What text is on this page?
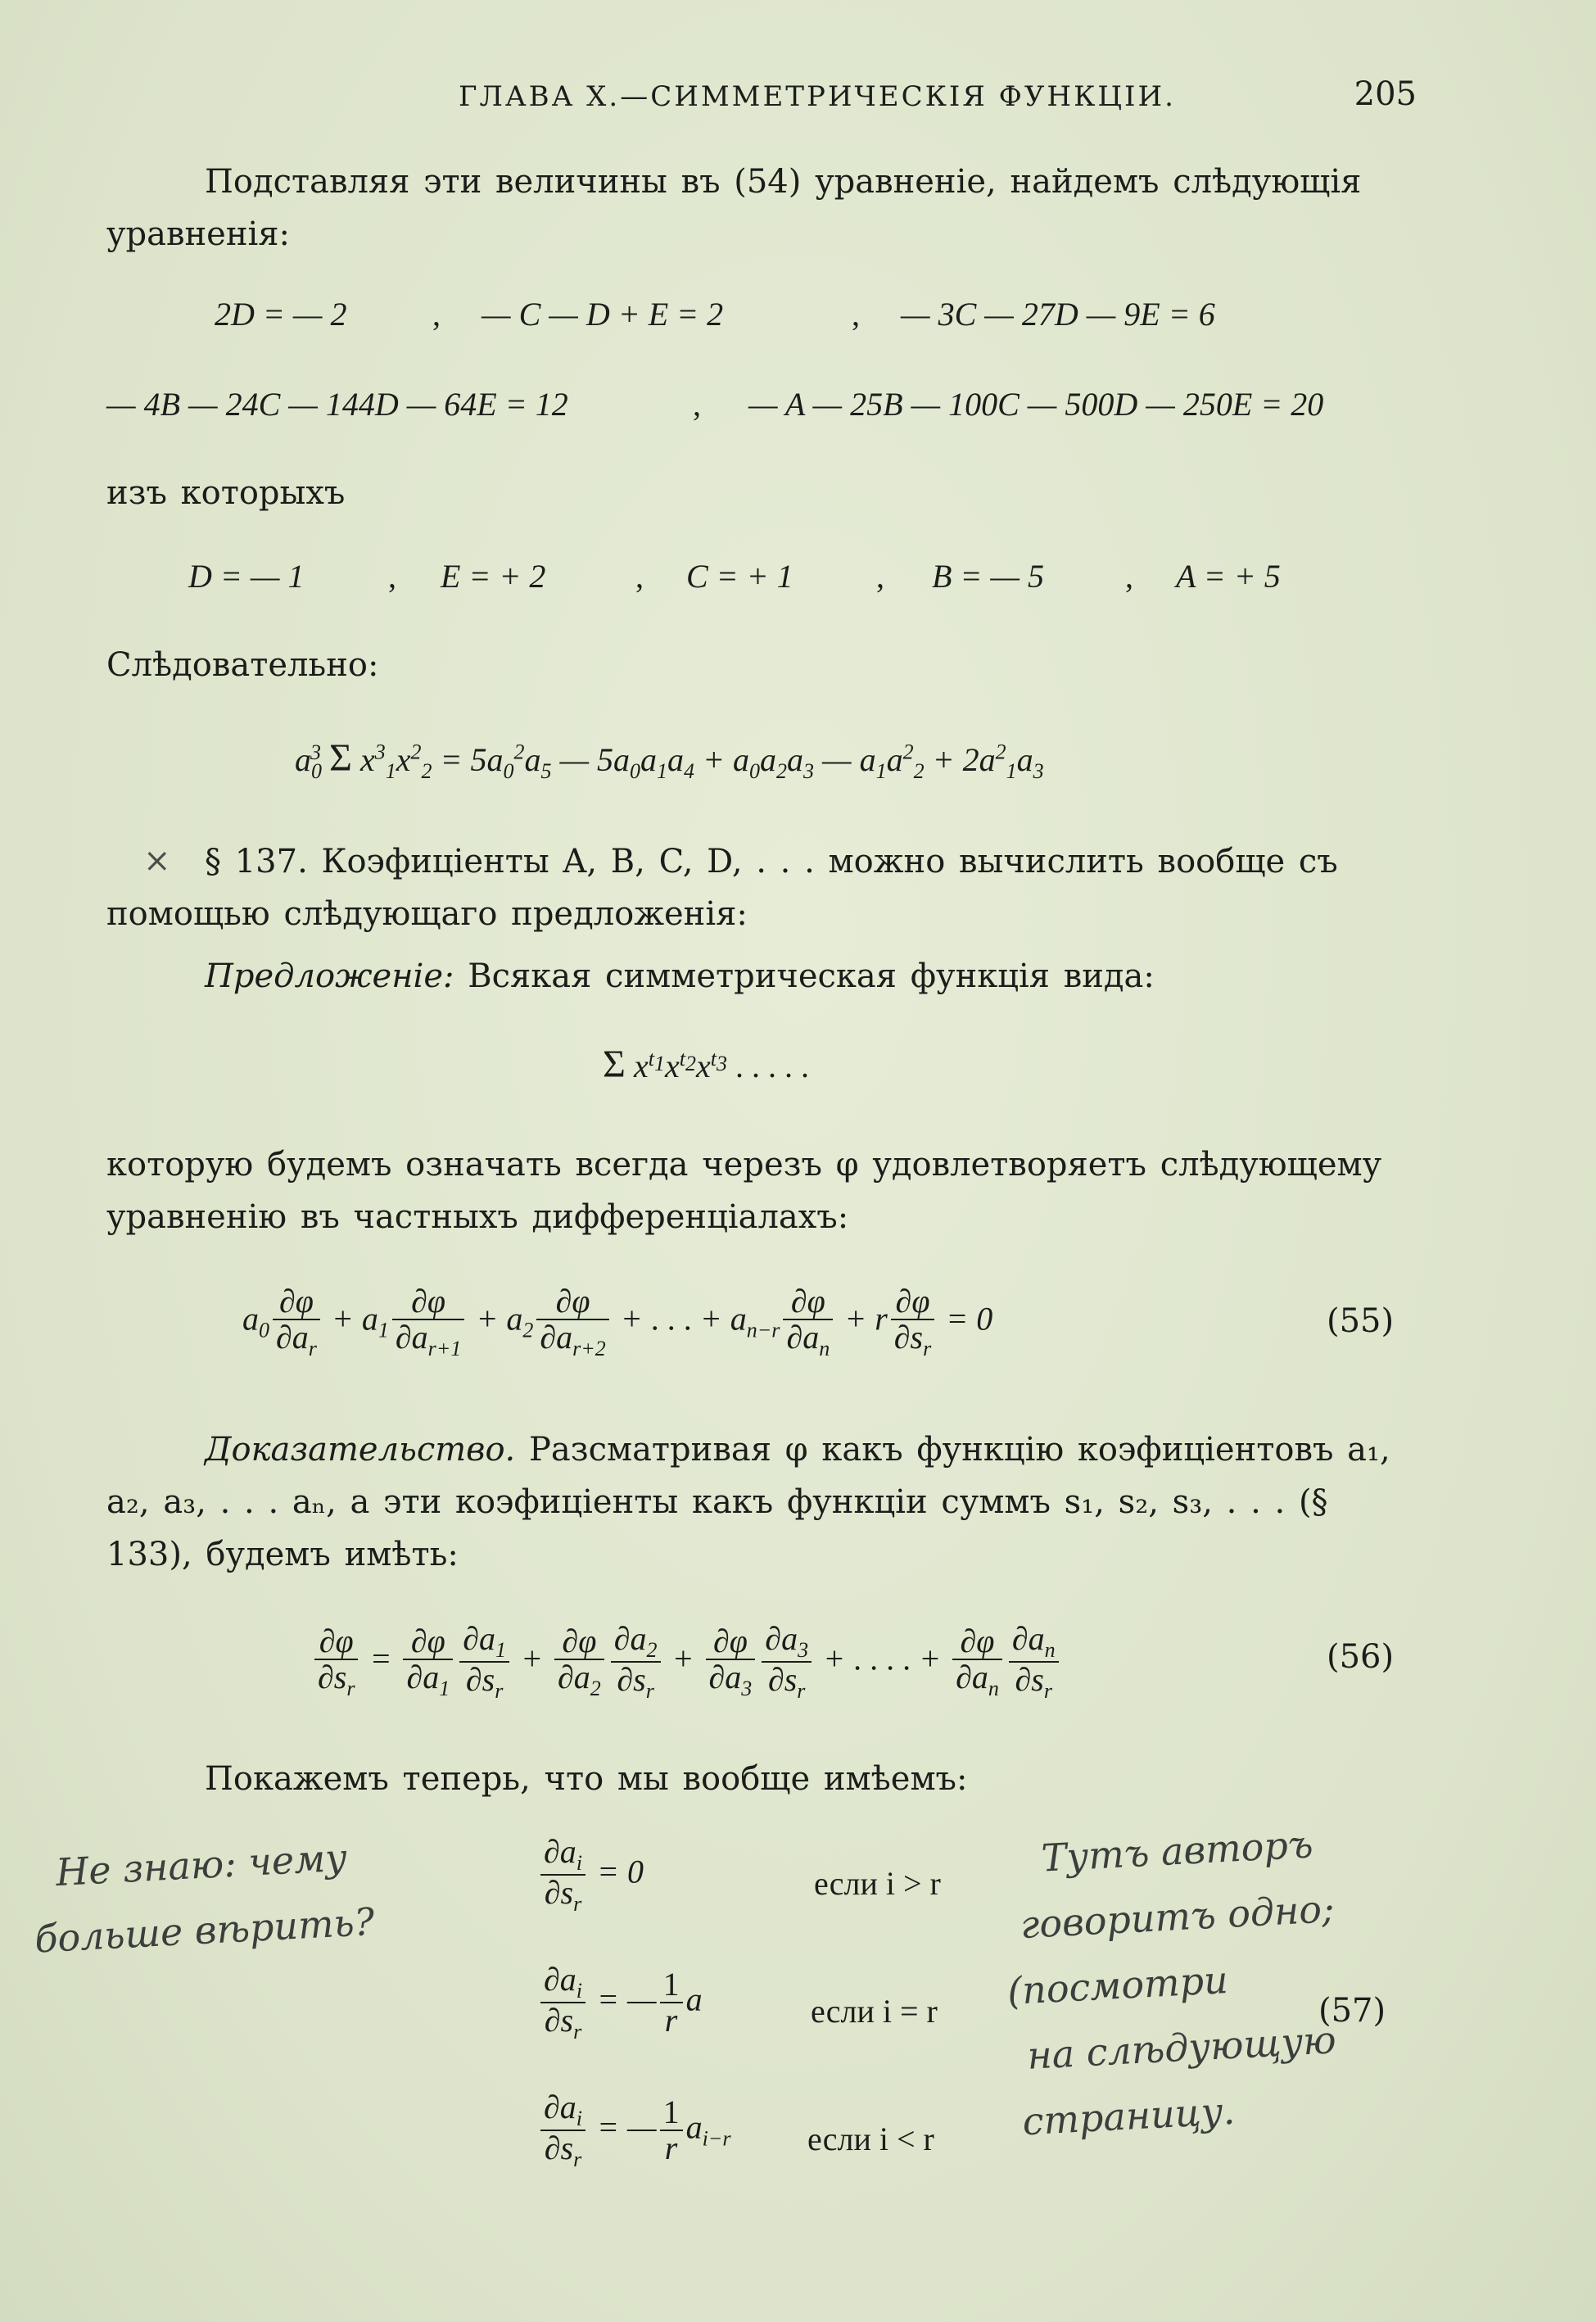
ГЛАВА X.—СИММЕТРИЧЕСКІЯ ФУНКЦІИ.	205
Подставляя эти величины въ (54) уравненіе, найдемъ слѣдующія уравненія:
2D = — 2	, — C — D + E = 2	, — 3C — 27D — 9E = 6
— 4B — 24C — 144D — 64E = 12	, — A — 25B — 100C — 500D — 250E = 20
изъ которыхъ
D = — 1	, E = + 2	, C = + 1	, B = — 5 , A = + 5
Слѣдовательно:
$a_0^3$ Σ $x^3_1x^2_2 = 5a_0^2a_5$ — $5a_0a_1a_4 + a_0a_2a_3$ — $a_1a^2_2 + 2a^2_1a_3$
×	§ 137. Коэфиціенты A, B, C, D, . . . можно вычислить вообще съ помощью слѣдующаго предложенія:
Предложеніе: Всякая симметрическая функція вида:
Σ $x^{t_1}x^{t_2}x^{t_3}$ . . . . .
которую будемъ означать всегда черезъ φ удовлетворяетъ слѣдующему уравненію въ частныхъ дифференціалахъ:
$a_0 \frac{\partial\varphi}{\partial a_r} + a_1 \frac{\partial\varphi}{\partial a_{r+1}} + a_2 \frac{\partial\varphi}{\partial a_{r+2}}$ + . . . + $a_{n-r} \frac{\partial\varphi}{\partial a_n} + r \frac{\partial\varphi}{\partial s_r} = 0$	(55)
Доказательство. Разсматривая φ какъ функцію коэфиціентовъ a₁, a₂, a₃, . . . aₙ, а эти коэфиціенты какъ функціи суммъ s₁, s₂, s₃, . . . (§ 133), будемъ имѣть:
$\frac{\partial\varphi}{\partial s_r} = \frac{\partial\varphi}{\partial a_1} \frac{\partial a_1}{\partial s_r} + \frac{\partial\varphi}{\partial a_2} \frac{\partial a_2}{\partial s_r} + \frac{\partial\varphi}{\partial a_3} \frac{\partial a_3}{\partial s_r}$ + . . . . + $\frac{\partial\varphi}{\partial a_n} \frac{\partial a_n}{\partial s_r}$	(56)
Покажемъ теперь, что мы вообще имѣемъ:
$\frac{\partial a_i}{\partial s_r} = 0$	если i > r
$\frac{\partial a_i}{\partial s_r}$ = — $\frac{1}{r}$ a	если i = r	(57)
$\frac{\partial a_i}{\partial s_r}$ = — $\frac{1}{r} a_{i-r}$ если i < r
Не знаю: чему
больше вѣрить?
Тутъ авторъ
говоритъ одно;
(посмотри
на слѣдующую
страницу.
